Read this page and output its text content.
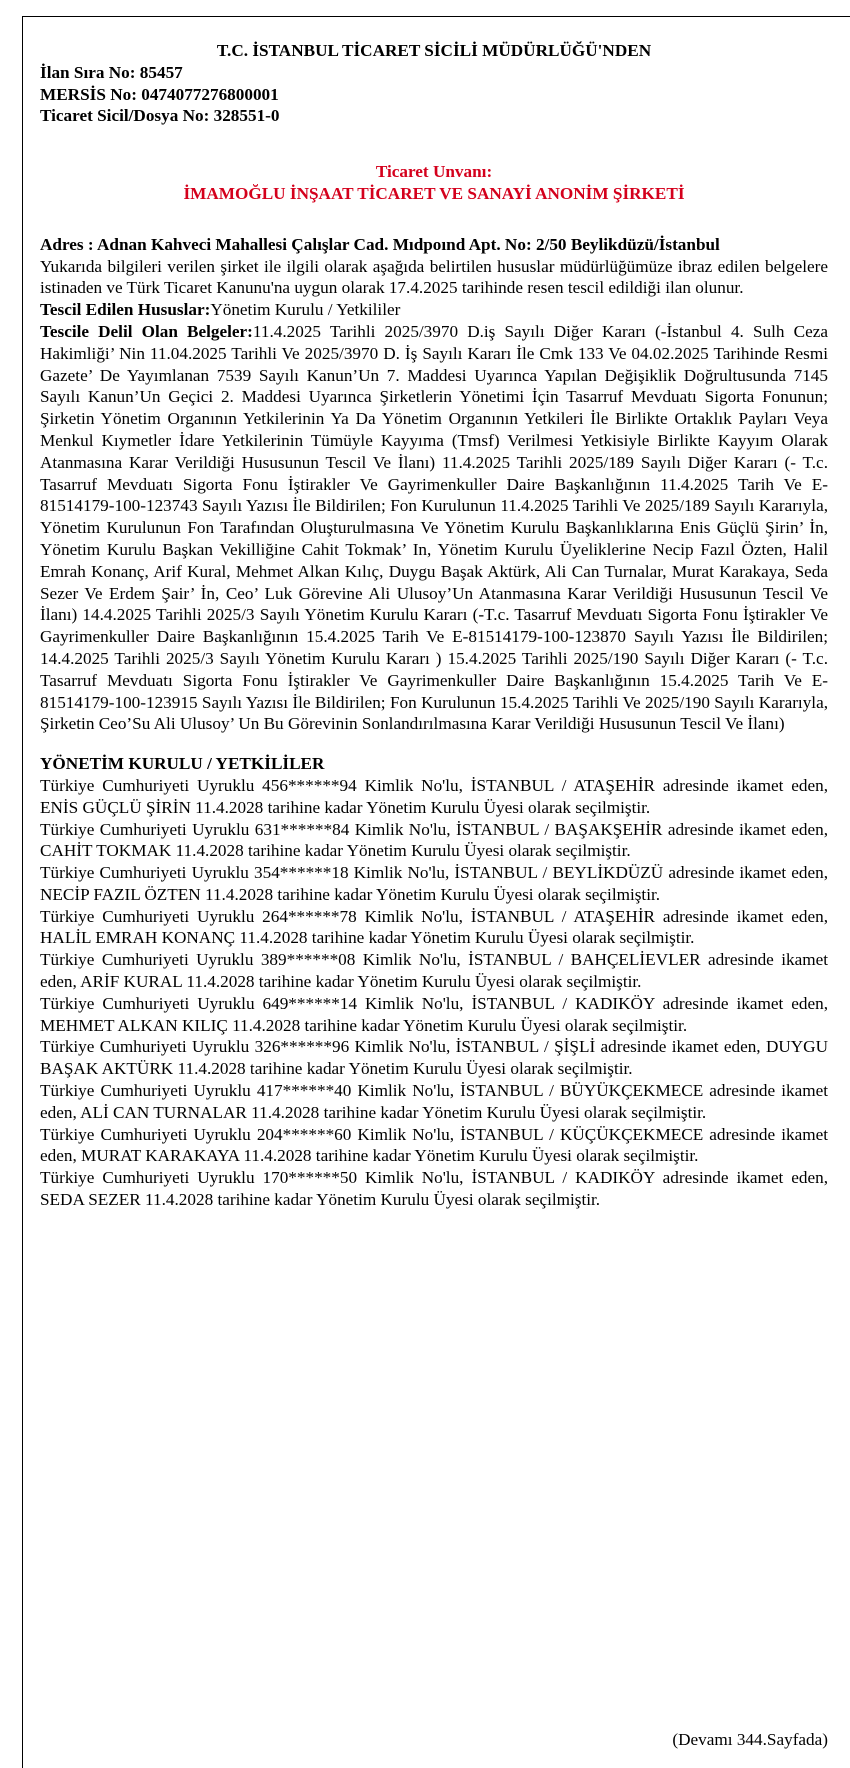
T.C. İSTANBUL TİCARET SİCİLİ MÜDÜRLÜĞÜ'NDEN
İlan Sıra No: 85457
MERSİS No: 0474077276800001
Ticaret Sicil/Dosya No: 328551-0
Ticaret Unvanı:
İMAMOĞLU İNŞAAT TİCARET VE SANAYİ ANONİM ŞİRKETİ

Adres : Adnan Kahveci Mahallesi Çalışlar Cad. Mıdpoınd Apt. No: 2/50 Beylikdüzü/İstanbul

Yukarıda bilgileri verilen şirket ile ilgili olarak aşağıda belirtilen hususlar müdürlüğümüze ibraz edilen belgelere istinaden ve Türk Ticaret Kanunu'na uygun olarak 17.4.2025 tarihinde resen tescil edildiği ilan olunur.

Tescil Edilen Hususlar:Yönetim Kurulu / Yetkililer

Tescile Delil Olan Belgeler:11.4.2025 Tarihli 2025/3970 D.iş Sayılı Diğer Kararı (-İstanbul 4. Sulh Ceza Hakimliği’ Nin 11.04.2025 Tarihli Ve 2025/3970 D. İş Sayılı Kararı İle Cmk 133 Ve 04.02.2025 Tarihinde Resmi Gazete’ De Yayımlanan 7539 Sayılı Kanun’Un 7. Maddesi Uyarınca Yapılan Değişiklik Doğrultusunda 7145 Sayılı Kanun’Un Geçici 2. Maddesi Uyarınca Şirketlerin Yönetimi İçin Tasarruf Mevduatı Sigorta Fonunun; Şirketin Yönetim Organının Yetkilerinin Ya Da Yönetim Organının Yetkileri İle Birlikte Ortaklık Payları Veya Menkul Kıymetler İdare Yetkilerinin Tümüyle Kayyıma (Tmsf) Verilmesi Yetkisiyle Birlikte Kayyım Olarak Atanmasına Karar Verildiği Hususunun Tescil Ve İlanı) 11.4.2025 Tarihli 2025/189 Sayılı Diğer Kararı (- T.c. Tasarruf Mevduatı Sigorta Fonu İştirakler Ve Gayrimenkuller Daire Başkanlığının 11.4.2025 Tarih Ve E-81514179-100-123743 Sayılı Yazısı İle Bildirilen; Fon Kurulunun 11.4.2025 Tarihli Ve 2025/189 Sayılı Kararıyla, Yönetim Kurulunun Fon Tarafından Oluşturulmasına Ve Yönetim Kurulu Başkanlıklarına Enis Güçlü Şirin’ İn, Yönetim Kurulu Başkan Vekilliğine Cahit Tokmak’ In, Yönetim Kurulu Üyeliklerine Necip Fazıl Özten, Halil Emrah Konanç, Arif Kural, Mehmet Alkan Kılıç, Duygu Başak Aktürk, Ali Can Turnalar, Murat Karakaya, Seda Sezer Ve Erdem Şair’ İn, Ceo’ Luk Görevine Ali Ulusoy’Un Atanmasına Karar Verildiği Hususunun Tescil Ve İlanı) 14.4.2025 Tarihli 2025/3 Sayılı Yönetim Kurulu Kararı (-T.c. Tasarruf Mevduatı Sigorta Fonu İştirakler Ve Gayrimenkuller Daire Başkanlığının 15.4.2025 Tarih Ve E-81514179-100-123870 Sayılı Yazısı İle Bildirilen; 14.4.2025 Tarihli 2025/3 Sayılı Yönetim Kurulu Kararı ) 15.4.2025 Tarihli 2025/190 Sayılı Diğer Kararı (- T.c. Tasarruf Mevduatı Sigorta Fonu İştirakler Ve Gayrimenkuller Daire Başkanlığının 15.4.2025 Tarih Ve E-81514179-100-123915 Sayılı Yazısı İle Bildirilen; Fon Kurulunun 15.4.2025 Tarihli Ve 2025/190 Sayılı Kararıyla, Şirketin Ceo’Su Ali Ulusoy’ Un Bu Görevinin Sonlandırılmasına Karar Verildiği Hususunun Tescil Ve İlanı)

YÖNETİM KURULU / YETKİLİLER

Türkiye Cumhuriyeti Uyruklu 456******94 Kimlik No'lu, İSTANBUL / ATAŞEHİR adresinde ikamet eden, ENİS GÜÇLÜ ŞİRİN 11.4.2028 tarihine kadar Yönetim Kurulu Üyesi olarak seçilmiştir.

Türkiye Cumhuriyeti Uyruklu 631******84 Kimlik No'lu, İSTANBUL / BAŞAKŞEHİR adresinde ikamet eden, CAHİT TOKMAK 11.4.2028 tarihine kadar Yönetim Kurulu Üyesi olarak seçilmiştir.

Türkiye Cumhuriyeti Uyruklu 354******18 Kimlik No'lu, İSTANBUL / BEYLİKDÜZÜ adresinde ikamet eden, NECİP FAZIL ÖZTEN 11.4.2028 tarihine kadar Yönetim Kurulu Üyesi olarak seçilmiştir.

Türkiye Cumhuriyeti Uyruklu 264******78 Kimlik No'lu, İSTANBUL / ATAŞEHİR adresinde ikamet eden, HALİL EMRAH KONANÇ 11.4.2028 tarihine kadar Yönetim Kurulu Üyesi olarak seçilmiştir.

Türkiye Cumhuriyeti Uyruklu 389******08 Kimlik No'lu, İSTANBUL / BAHÇELİEVLER adresinde ikamet eden, ARİF KURAL 11.4.2028 tarihine kadar Yönetim Kurulu Üyesi olarak seçilmiştir.

Türkiye Cumhuriyeti Uyruklu 649******14 Kimlik No'lu, İSTANBUL / KADIKÖY adresinde ikamet eden, MEHMET ALKAN KILIÇ 11.4.2028 tarihine kadar Yönetim Kurulu Üyesi olarak seçilmiştir.

Türkiye Cumhuriyeti Uyruklu 326******96 Kimlik No'lu, İSTANBUL / ŞİŞLİ adresinde ikamet eden, DUYGU BAŞAK AKTÜRK 11.4.2028 tarihine kadar Yönetim Kurulu Üyesi olarak seçilmiştir.

Türkiye Cumhuriyeti Uyruklu 417******40 Kimlik No'lu, İSTANBUL / BÜYÜKÇEKMECE adresinde ikamet eden, ALİ CAN TURNALAR 11.4.2028 tarihine kadar Yönetim Kurulu Üyesi olarak seçilmiştir.

Türkiye Cumhuriyeti Uyruklu 204******60 Kimlik No'lu, İSTANBUL / KÜÇÜKÇEKMECE adresinde ikamet eden, MURAT KARAKAYA 11.4.2028 tarihine kadar Yönetim Kurulu Üyesi olarak seçilmiştir.

Türkiye Cumhuriyeti Uyruklu 170******50 Kimlik No'lu, İSTANBUL / KADIKÖY adresinde ikamet eden, SEDA SEZER 11.4.2028 tarihine kadar Yönetim Kurulu Üyesi olarak seçilmiştir.

(Devamı 344.Sayfada)
